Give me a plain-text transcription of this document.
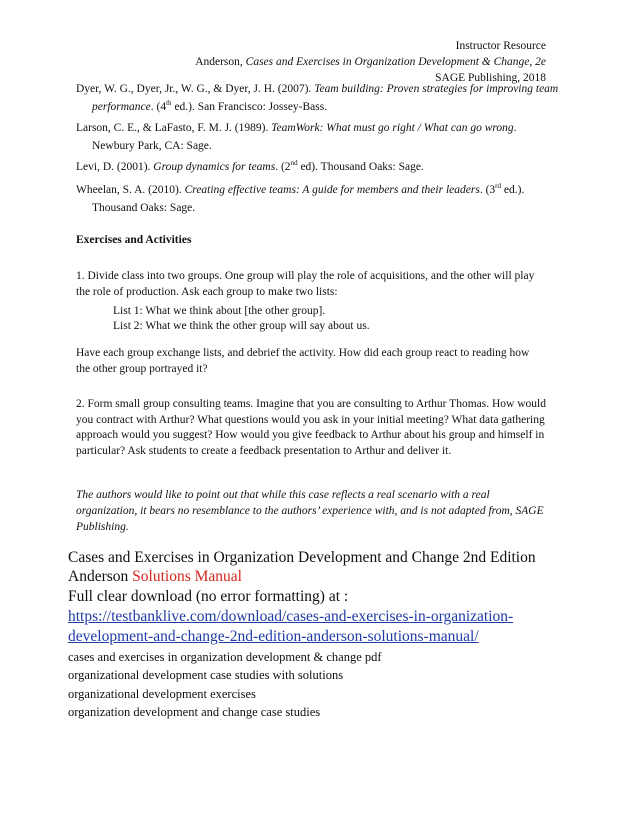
Instructor Resource
Anderson, Cases and Exercises in Organization Development & Change, 2e
SAGE Publishing, 2018
Dyer, W. G., Dyer, Jr., W. G., & Dyer, J. H. (2007). Team building: Proven strategies for improving team performance. (4th ed.). San Francisco: Jossey-Bass.
Larson, C. E., & LaFasto, F. M. J. (1989). TeamWork: What must go right / What can go wrong. Newbury Park, CA: Sage.
Levi, D. (2001). Group dynamics for teams. (2nd ed). Thousand Oaks: Sage.
Wheelan, S. A. (2010). Creating effective teams: A guide for members and their leaders. (3rd ed.). Thousand Oaks: Sage.
Exercises and Activities
1. Divide class into two groups. One group will play the role of acquisitions, and the other will play the role of production. Ask each group to make two lists:
List 1: What we think about [the other group].
List 2: What we think the other group will say about us.
Have each group exchange lists, and debrief the activity. How did each group react to reading how the other group portrayed it?
2. Form small group consulting teams. Imagine that you are consulting to Arthur Thomas. How would you contract with Arthur? What questions would you ask in your initial meeting? What data gathering approach would you suggest? How would you give feedback to Arthur about his group and himself in particular? Ask students to create a feedback presentation to Arthur and deliver it.
The authors would like to point out that while this case reflects a real scenario with a real organization, it bears no resemblance to the authors’ experience with, and is not adapted from, SAGE Publishing.
Cases and Exercises in Organization Development and Change 2nd Edition
Anderson Solutions Manual
Full clear download (no error formatting) at :
https://testbanklive.com/download/cases-and-exercises-in-organization-
development-and-change-2nd-edition-anderson-solutions-manual/
cases and exercises in organization development & change pdf
organizational development case studies with solutions
organizational development exercises
organization development and change case studies
